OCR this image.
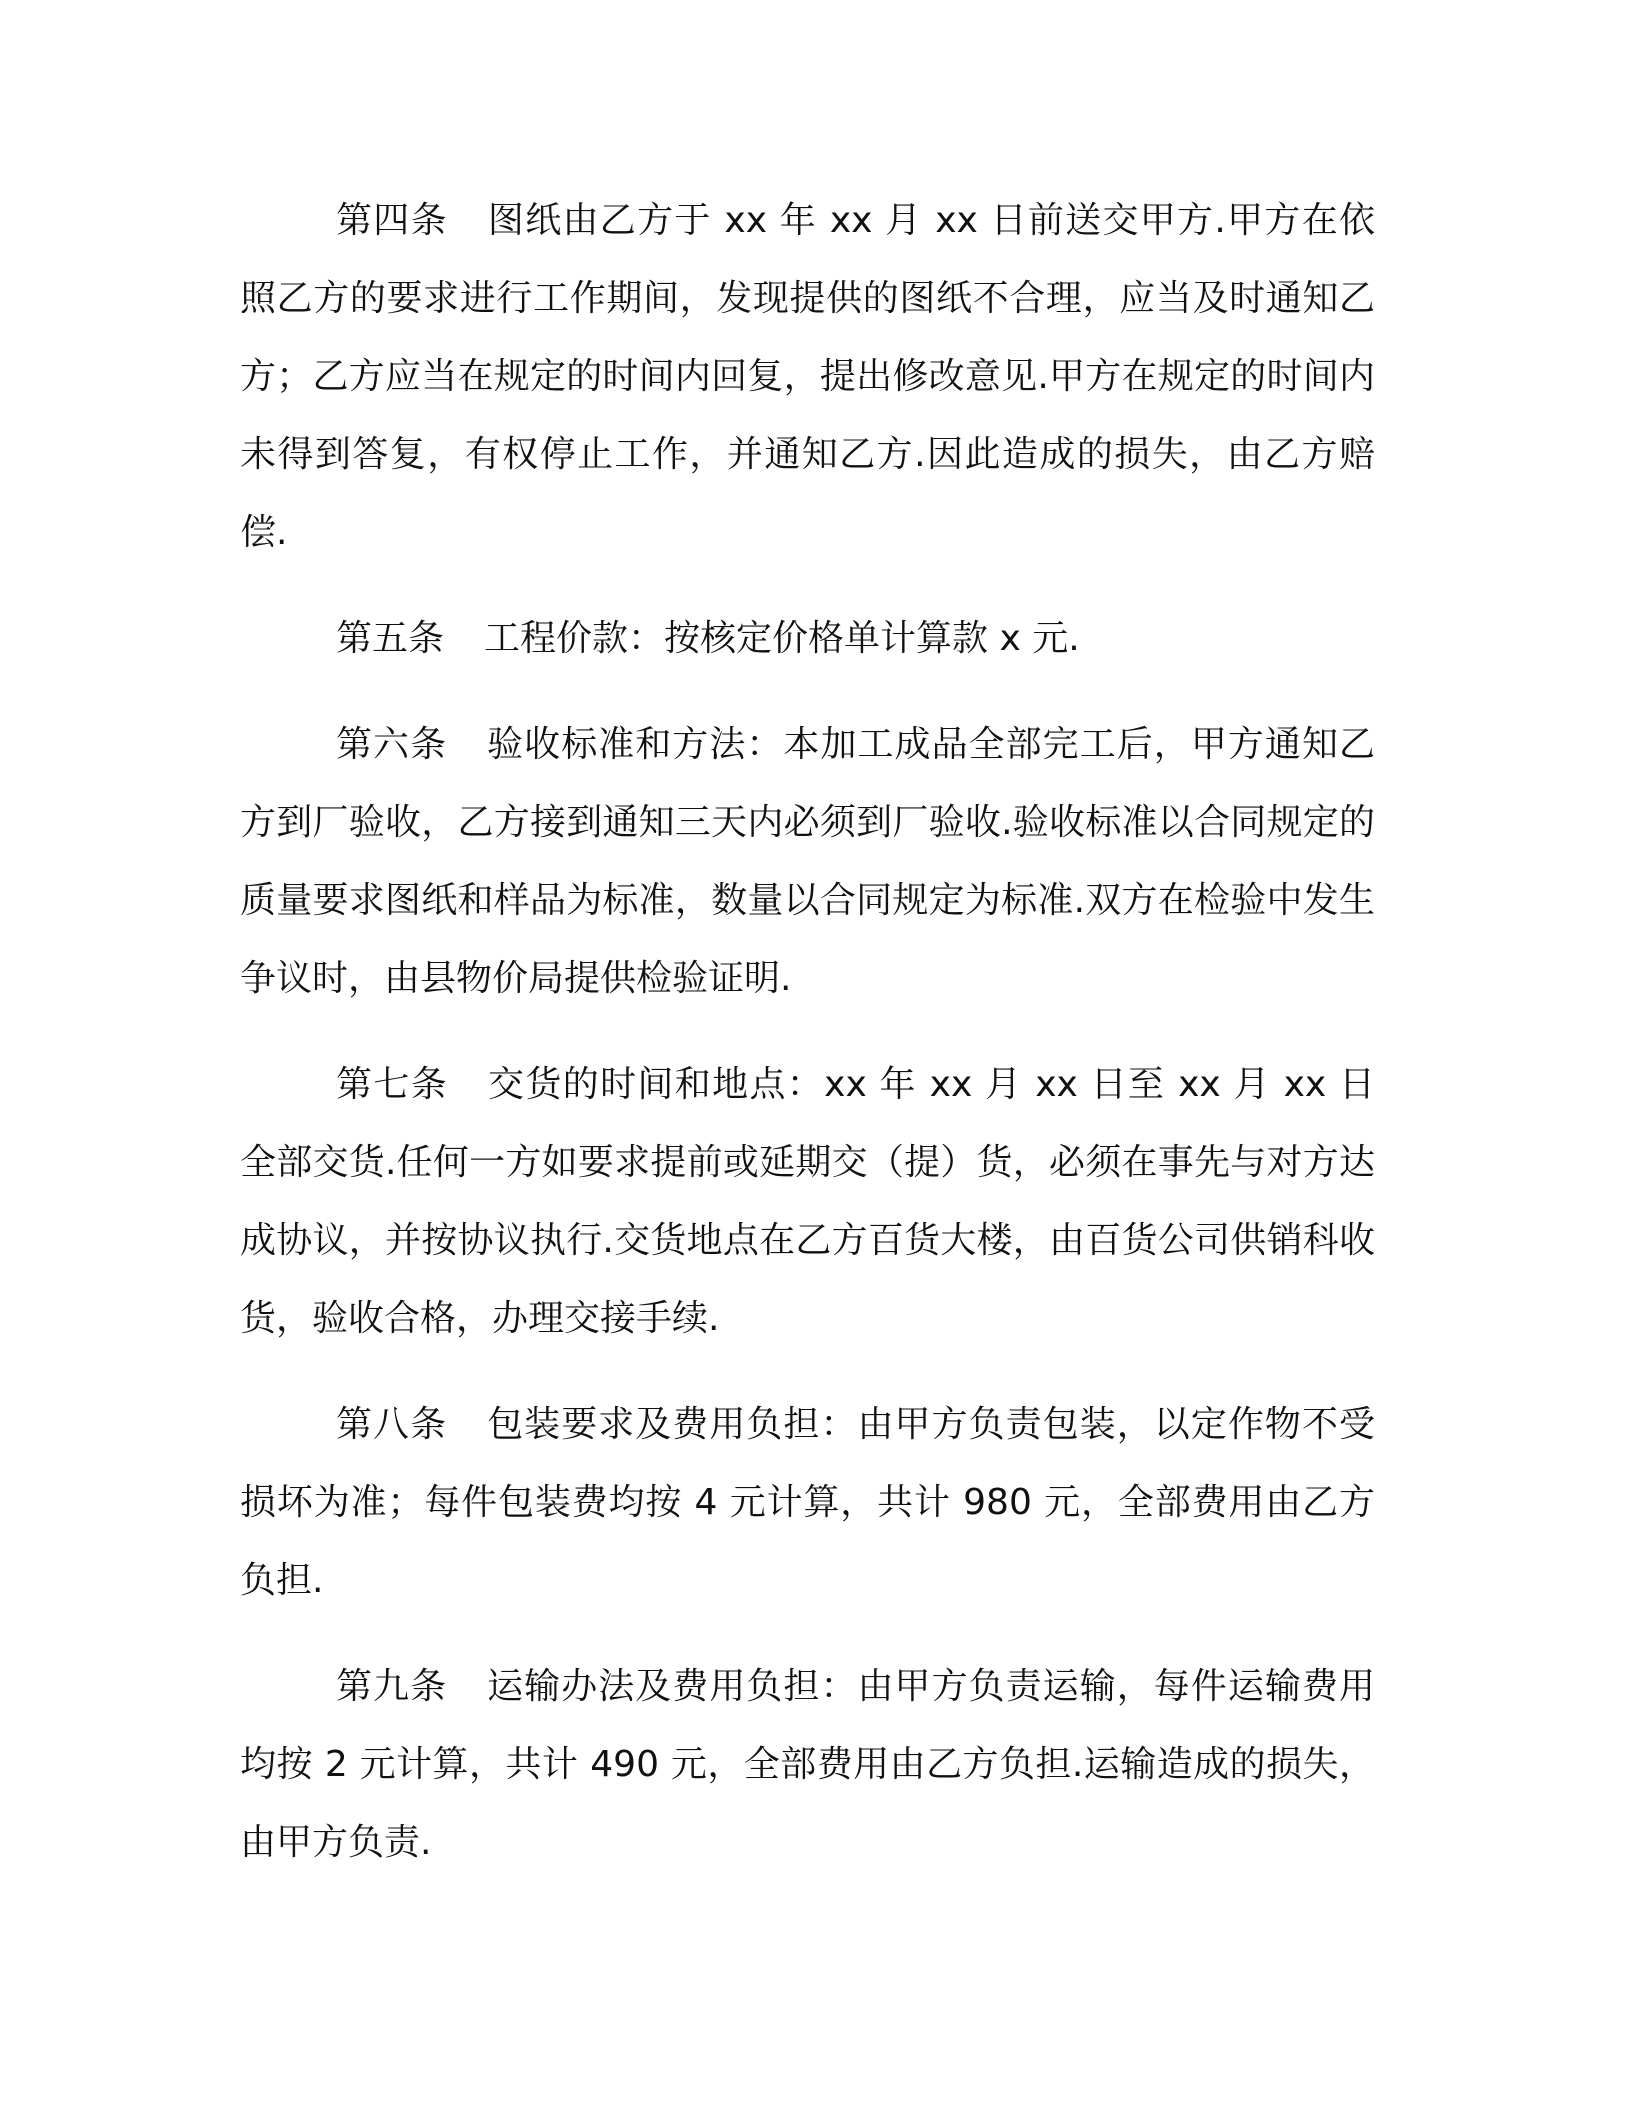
第四条 图纸由乙方于 xx 年 xx 月 xx 日前送交甲方.甲方在依照乙方的要求进行工作期间，发现提供的图纸不合理，应当及时通知乙方；乙方应当在规定的时间内回复，提出修改意见.甲方在规定的时间内未得到答复，有权停止工作，并通知乙方.因此造成的损失，由乙方赔偿.

第五条 工程价款：按核定价格单计算款 x 元.

第六条 验收标准和方法：本加工成品全部完工后，甲方通知乙方到厂验收，乙方接到通知三天内必须到厂验收.验收标准以合同规定的质量要求图纸和样品为标准，数量以合同规定为标准.双方在检验中发生争议时，由县物价局提供检验证明.

第七条 交货的时间和地点：xx 年 xx 月 xx 日至 xx 月 xx 日全部交货.任何一方如要求提前或延期交（提）货，必须在事先与对方达成协议，并按协议执行.交货地点在乙方百货大楼，由百货公司供销科收货，验收合格，办理交接手续.

第八条 包装要求及费用负担：由甲方负责包装，以定作物不受损坏为准；每件包装费均按 4 元计算，共计 980 元，全部费用由乙方负担.

第九条 运输办法及费用负担：由甲方负责运输，每件运输费用均按 2 元计算，共计 490 元，全部费用由乙方负担.运输造成的损失，由甲方负责.
